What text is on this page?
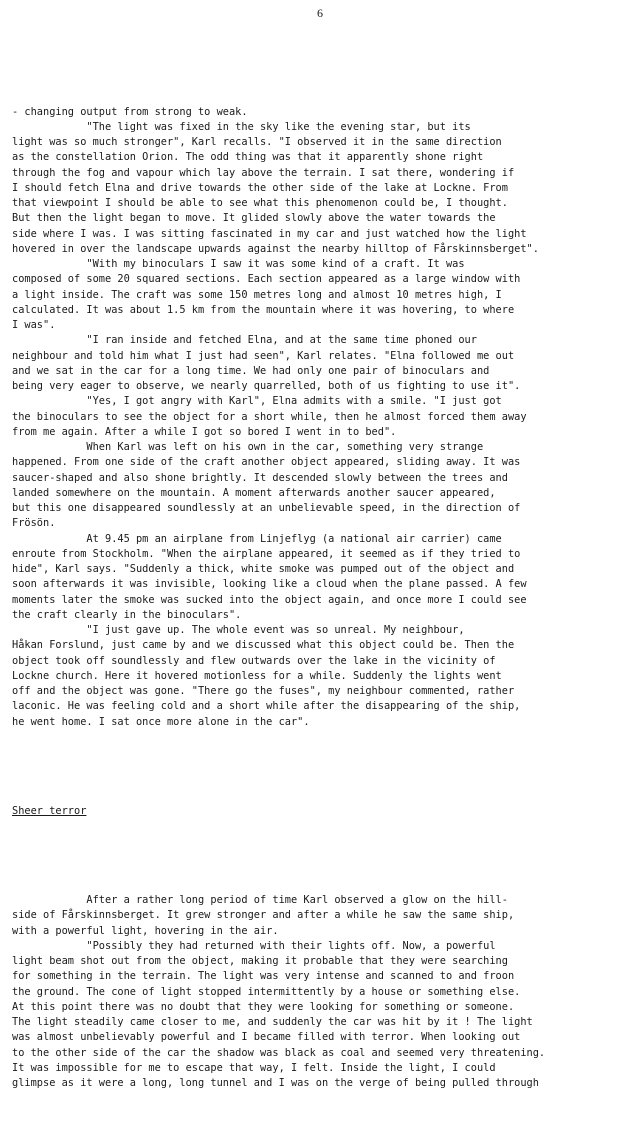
6

- changing output from strong to weak.
"The light was fixed in the sky like the evening star, but its
light was so much stronger", Karl recalls. "I observed it in the same direction
as the constellation Orion. The odd thing was that it apparently shone right
through the fog and vapour which lay above the terrain. I sat there, wondering if
I should fetch Elna and drive towards the other side of the lake at Lockne. From
that viewpoint I should be able to see what this phenomenon could be, I thought.
But then the light began to move. It glided slowly above the water towards the
side where I was. I was sitting fascinated in my car and just watched how the light
hovered in over the landscape upwards against the nearby hilltop of Fårskinnsberget".
"With my binoculars I saw it was some kind of a craft. It was
composed of some 20 squared sections. Each section appeared as a large window with
a light inside. The craft was some 150 metres long and almost 10 metres high, I
calculated. It was about 1.5 km from the mountain where it was hovering, to where
I was".
"I ran inside and fetched Elna, and at the same time phoned our
neighbour and told him what I just had seen", Karl relates. "Elna followed me out
and we sat in the car for a long time. We had only one pair of binoculars and
being very eager to observe, we nearly quarrelled, both of us fighting to use it".
"Yes, I got angry with Karl", Elna admits with a smile. "I just got
the binoculars to see the object for a short while, then he almost forced them away
from me again. After a while I got so bored I went in to bed".
When Karl was left on his own in the car, something very strange
happened. From one side of the craft another object appeared, sliding away. It was
saucer-shaped and also shone brightly. It descended slowly between the trees and
landed somewhere on the mountain. A moment afterwards another saucer appeared,
but this one disappeared soundlessly at an unbelievable speed, in the direction of
Frösön.
At 9.45 pm an airplane from Linjeflyg (a national air carrier) came
enroute from Stockholm. "When the airplane appeared, it seemed as if they tried to
hide", Karl says. "Suddenly a thick, white smoke was pumped out of the object and
soon afterwards it was invisible, looking like a cloud when the plane passed. A few
moments later the smoke was sucked into the object again, and once more I could see
the craft clearly in the binoculars".
"I just gave up. The whole event was so unreal. My neighbour,
Håkan Forslund, just came by and we discussed what this object could be. Then the
object took off soundlessly and flew outwards over the lake in the vicinity of
Lockne church. Here it hovered motionless for a while. Suddenly the lights went
off and the object was gone. "There go the fuses", my neighbour commented, rather
laconic. He was feeling cold and a short while after the disappearing of the ship,
he went home. I sat once more alone in the car".

Sheer terror

After a rather long period of time Karl observed a glow on the hill-
side of Fårskinnsberget. It grew stronger and after a while he saw the same ship,
with a powerful light, hovering in the air.
"Possibly they had returned with their lights off. Now, a powerful
light beam shot out from the object, making it probable that they were searching
for something in the terrain. The light was very intense and scanned to and froon
the ground. The cone of light stopped intermittently by a house or something else.
At this point there was no doubt that they were looking for something or someone.
The light steadily came closer to me, and suddenly the car was hit by it ! The light
was almost unbelievably powerful and I became filled with terror. When looking out
to the other side of the car the shadow was black as coal and seemed very threatening.
It was impossible for me to escape that way, I felt. Inside the light, I could
glimpse as it were a long, long tunnel and I was on the verge of being pulled through
